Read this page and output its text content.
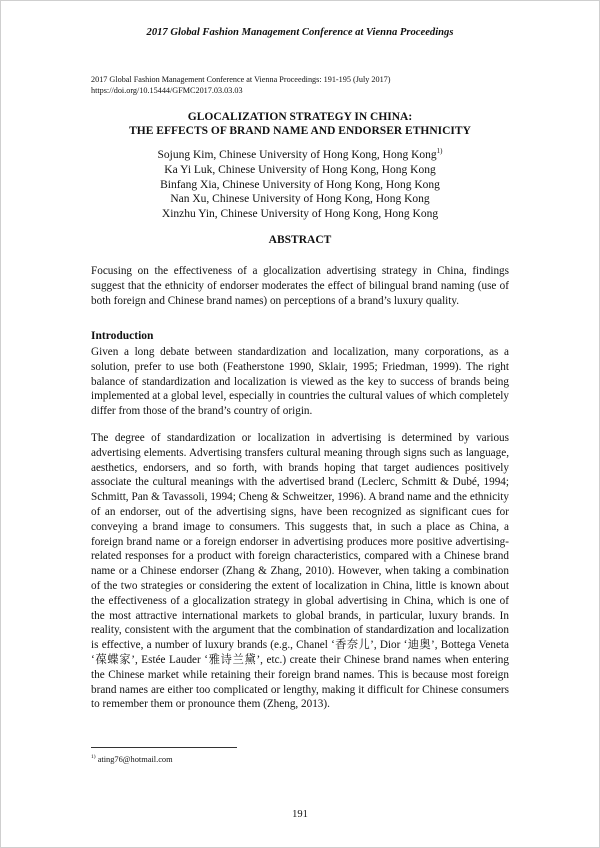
2017 Global Fashion Management Conference at Vienna Proceedings
2017 Global Fashion Management Conference at Vienna Proceedings: 191-195 (July 2017)
https://doi.org/10.15444/GFMC2017.03.03.03
GLOCALIZATION STRATEGY IN CHINA:
THE EFFECTS OF BRAND NAME AND ENDORSER ETHNICITY
Sojung Kim, Chinese University of Hong Kong, Hong Kong$^{1)}$
Ka Yi Luk, Chinese University of Hong Kong, Hong Kong
Binfang Xia, Chinese University of Hong Kong, Hong Kong
Nan Xu, Chinese University of Hong Kong, Hong Kong
Xinzhu Yin, Chinese University of Hong Kong, Hong Kong
ABSTRACT

Focusing on the effectiveness of a glocalization advertising strategy in China, findings suggest that the ethnicity of endorser moderates the effect of bilingual brand naming (use of both foreign and Chinese brand names) on perceptions of a brand’s luxury quality.

Introduction

Given a long debate between standardization and localization, many corporations, as a solution, prefer to use both (Featherstone 1990, Sklair, 1995; Friedman, 1999). The right balance of standardization and localization is viewed as the key to success of brands being implemented at a global level, especially in countries the cultural values of which completely differ from those of the brand’s country of origin.

The degree of standardization or localization in advertising is determined by various advertising elements. Advertising transfers cultural meaning through signs such as language, aesthetics, endorsers, and so forth, with brands hoping that target audiences positively associate the cultural meanings with the advertised brand (Leclerc, Schmitt & Dubé, 1994; Schmitt, Pan & Tavassoli, 1994; Cheng & Schweitzer, 1996). A brand name and the ethnicity of an endorser, out of the advertising signs, have been recognized as significant cues for conveying a brand image to consumers. This suggests that, in such a place as China, a foreign brand name or a foreign endorser in advertising produces more positive advertising-related responses for a product with foreign characteristics, compared with a Chinese brand name or a Chinese endorser (Zhang & Zhang, 2010). However, when taking a combination of the two strategies or considering the extent of localization in China, little is known about the effectiveness of a glocalization strategy in global advertising in China, which is one of the most attractive international markets to global brands, in particular, luxury brands. In reality, consistent with the argument that the combination of standardization and localization is effective, a number of luxury brands (e.g., Chanel ‘香奈儿’, Dior ‘迪奥’, Bottega Veneta ‘葆蝶家’, Estée Lauder ‘雅诗兰黛’, etc.) create their Chinese brand names when entering the Chinese market while retaining their foreign brand names. This is because most foreign brand names are either too complicated or lengthy, making it difficult for Chinese consumers to remember them or pronounce them (Zheng, 2013).

$^{1)}$ ating76@hotmail.com
191
